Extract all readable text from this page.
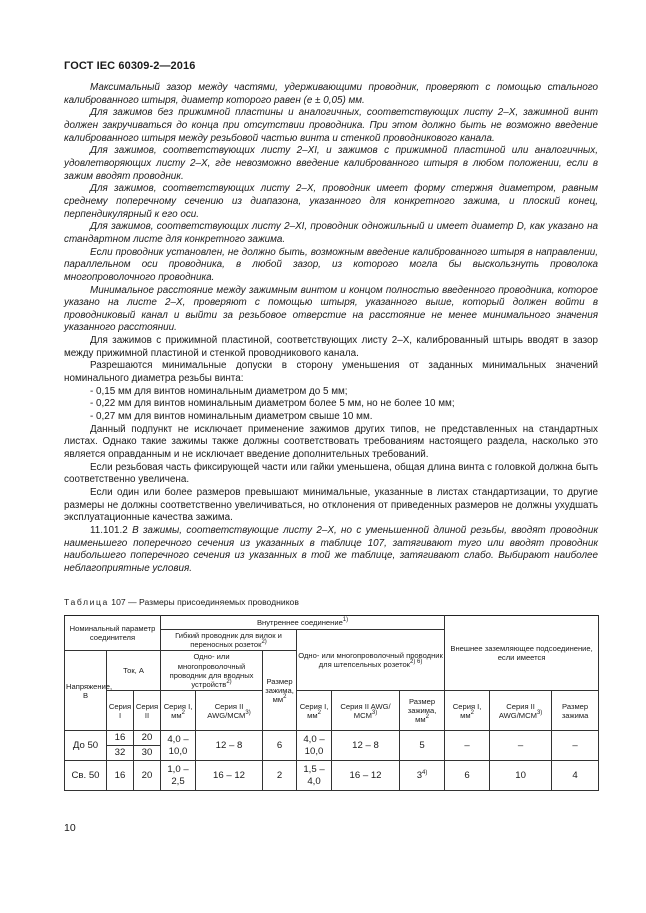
ГОСТ IEC 60309-2—2016

Максимальный зазор между частями, удерживающими проводник, проверяют с помощью стального калиброванного штыря, диаметр которого равен (e ± 0,05) мм.

Для зажимов без прижимной пластины и аналогичных, соответствующих листу 2–Х, зажимной винт должен закручиваться до конца при отсутствии проводника. При этом должно быть не возможно введение калиброванного штыря между резьбовой частью винта и стенкой проводникового канала.

Для зажимов, соответствующих листу 2–XI, и зажимов с прижимной пластиной или аналогичных, удовлетворяющих листу 2–Х, где невозможно введение калиброванного штыря в любом положении, если в зажим вводят проводник.

Для зажимов, соответствующих листу 2–Х, проводник имеет форму стержня диаметром, равным среднему поперечному сечению из диапазона, указанного для конкретного зажима, и плоский конец, перпендикулярный к его оси.

Для зажимов, соответствующих листу 2–XI, проводник одножильный и имеет диаметр D, как указано на стандартном листе для конкретного зажима.

Если проводник установлен, не должно быть, возможным введение калиброванного штыря в направлении, параллельном оси проводника, в любой зазор, из которого могла бы выскользнуть проволока многопроволочного проводника.

Минимальное расстояние между зажимным винтом и концом полностью введенного проводника, которое указано на листе 2–Х, проверяют с помощью штыря, указанного выше, который должен войти в проводниковый канал и выйти за резьбовое отверстие на расстояние не менее минимального значения указанного расстоянии.

Для зажимов с прижимной пластиной, соответствующих листу 2–Х, калиброванный штырь вводят в зазор между прижимной пластиной и стенкой проводникового канала.

Разрешаются минимальные допуски в сторону уменьшения от заданных минимальных значений номинального диаметра резьбы винта:

- 0,15 мм для винтов номинальным диаметром до 5 мм;

- 0,22 мм для винтов номинальным диаметром более 5 мм, но не более 10 мм;

- 0,27 мм для винтов номинальным диаметром свыше 10 мм.

Данный подпункт не исключает применение зажимов других типов, не представленных на стандартных листах. Однако такие зажимы также должны соответствовать требованиям настоящего раздела, насколько это является оправданным и не исключает введение дополнительных требований.

Если резьбовая часть фиксирующей части или гайки уменьшена, общая длина винта с головкой должна быть соответственно увеличена.

Если один или более размеров превышают минимальные, указанные в листах стандартизации, то другие размеры не должны соответственно увеличиваться, но отклонения от приведенных размеров не должны ухудшать эксплуатационные качества зажима.

11.101.2 В зажимы, соответствующие листу 2–Х, но с уменьшенной длиной резьбы, вводят проводник наименьшего поперечного сечения из указанных в таблице 107, затягивают туго или вводят проводник наибольшего поперечного сечения из указанных в той же таблице, затягивают слабо. Выбирают наиболее неблагоприятные условия.

Таблица 107 — Размеры присоединяемых проводников
Номинальный параметр соединителя			Внутреннее соединение$^{1)}$						Внешнее заземляющее подсоединение, если имеется		
			Гибкий проводник для вилок и переносных розеток$^{2)}$			Одно- или многопроволочный проводник для штепсельных розеток$^{2) 6)}$
Напряжение, В	Ток, А		Одно- или многопроволочный проводник для вводных устройств$^{2)}$		Размер зажима, $мм^2$
	Серия I	Серия II	Серия I, $мм^2$	Серия II AWG/MCM$^{3)}$		Серия I, $мм^2$	Серия II AWG/ MCM$^{3)}$	Размер зажима, $мм^2$	Серия I, $мм^2$	Серия II AWG/MCM$^{3)}$	Размер зажима
До 50	16	20	4,0 – 10,0	12 – 8	6	4,0 – 10,0	12 – 8	5	–	–	–
	32	30									
Св. 50	16	20	1,0 – 2,5	16 – 12	2	1,5 – 4,0	16 – 12	3$^{4)}$	6	10	4
10
